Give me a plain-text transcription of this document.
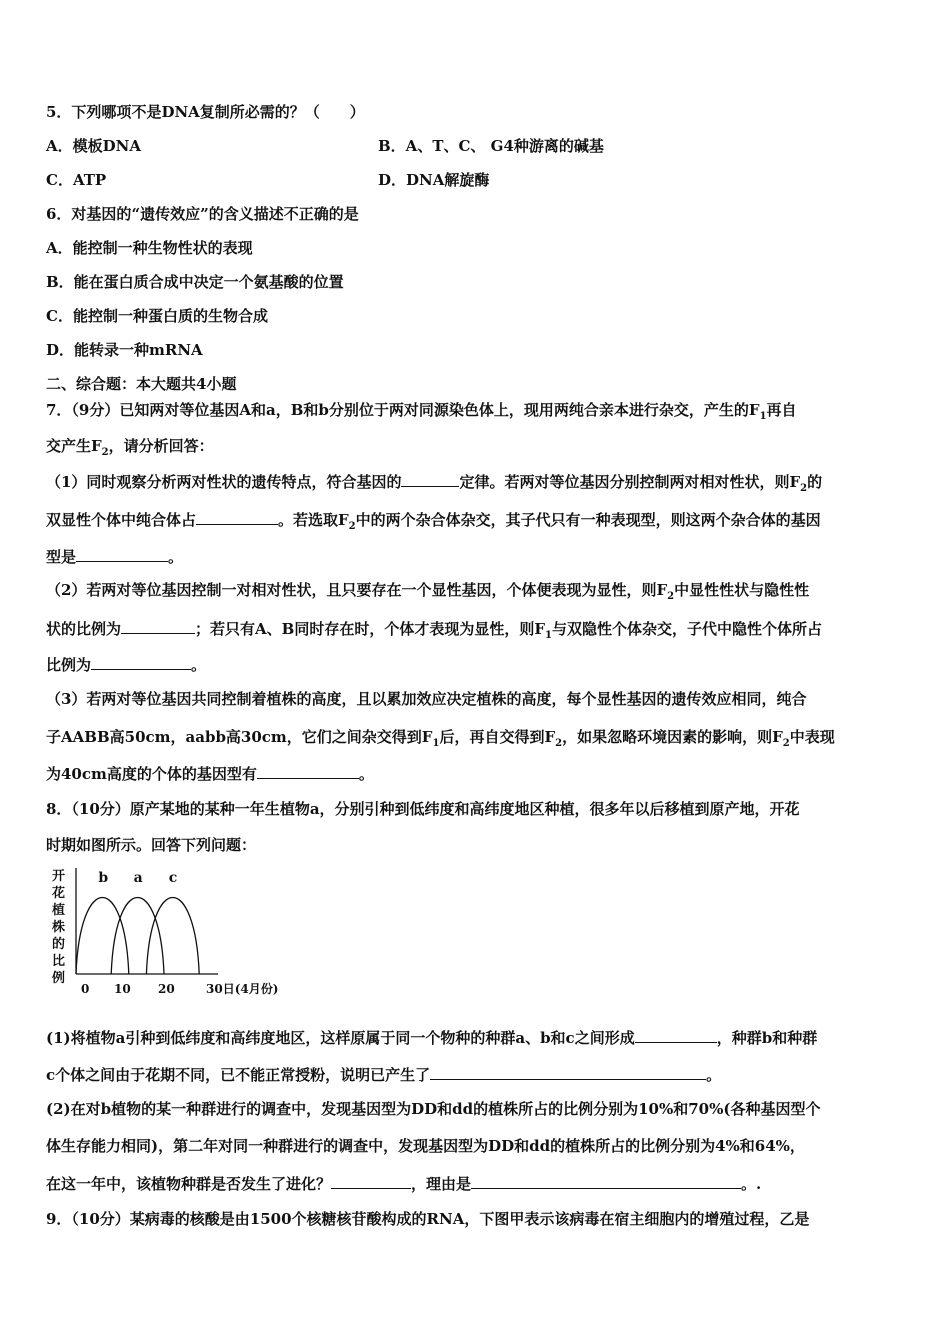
5．下列哪项不是DNA复制所必需的？（　　）
A．模板DNA	B．A、T、C、 G4种游离的碱基
C．ATP	D．DNA解旋酶
6．对基因的“遗传效应”的含义描述不正确的是
A．能控制一种生物性状的表现
B．能在蛋白质合成中决定一个氨基酸的位置
C．能控制一种蛋白质的生物合成
D．能转录一种mRNA
二、综合题：本大题共4小题
7．（9分）已知两对等位基因A和a，B和b分别位于两对同源染色体上，现用两纯合亲本进行杂交，产生的$F_1$再自
交产生$F_2$，请分析回答：
（1）同时观察分析两对性状的遗传特点，符合基因的	定律。若两对等位基因分别控制两对相对性状，则$F_2$的
双显性个体中纯合体占	。若选取$F_2$中的两个杂合体杂交，其子代只有一种表现型，则这两个杂合体的基因
型是	。
（2）若两对等位基因控制一对相对性状，且只要存在一个显性基因，个体便表现为显性，则$F_2$中显性性状与隐性性
状的比例为	；若只有A、B同时存在时，个体才表现为显性，则$F_1$与双隐性个体杂交，子代中隐性个体所占
比例为	。
（3）若两对等位基因共同控制着植株的高度，且以累加效应决定植株的高度，每个显性基因的遗传效应相同，纯合
子AABB高50cm，aabb高30cm，它们之间杂交得到$F_1$后，再自交得到$F_2$，如果忽略环境因素的影响，则$F_2$中表现
为40cm高度的个体的基因型有	。
8．（10分）原产某地的某种一年生植物a，分别引种到低纬度和高纬度地区种植，很多年以后移植到原产地，开花
时期如图所示。回答下列问题：
开花植株的比例
b a c
0 10 20	30日(4月份)
(1)将植物a引种到低纬度和高纬度地区，这样原属于同一个物种的种群a、b和c之间形成	，种群b和种群
c个体之间由于花期不同，已不能正常授粉，说明已产生了	。
(2)在对b植物的某一种群进行的调查中，发现基因型为DD和dd的植株所占的比例分别为10%和70%(各种基因型个
体生存能力相同)，第二年对同一种群进行的调查中，发现基因型为DD和dd的植株所占的比例分别为4%和64%，
在这一年中，该植物种群是否发生了进化？	，理由是	。.
9．（10分）某病毒的核酸是由1500个核糖核苷酸构成的RNA，下图甲表示该病毒在宿主细胞内的增殖过程，乙是
